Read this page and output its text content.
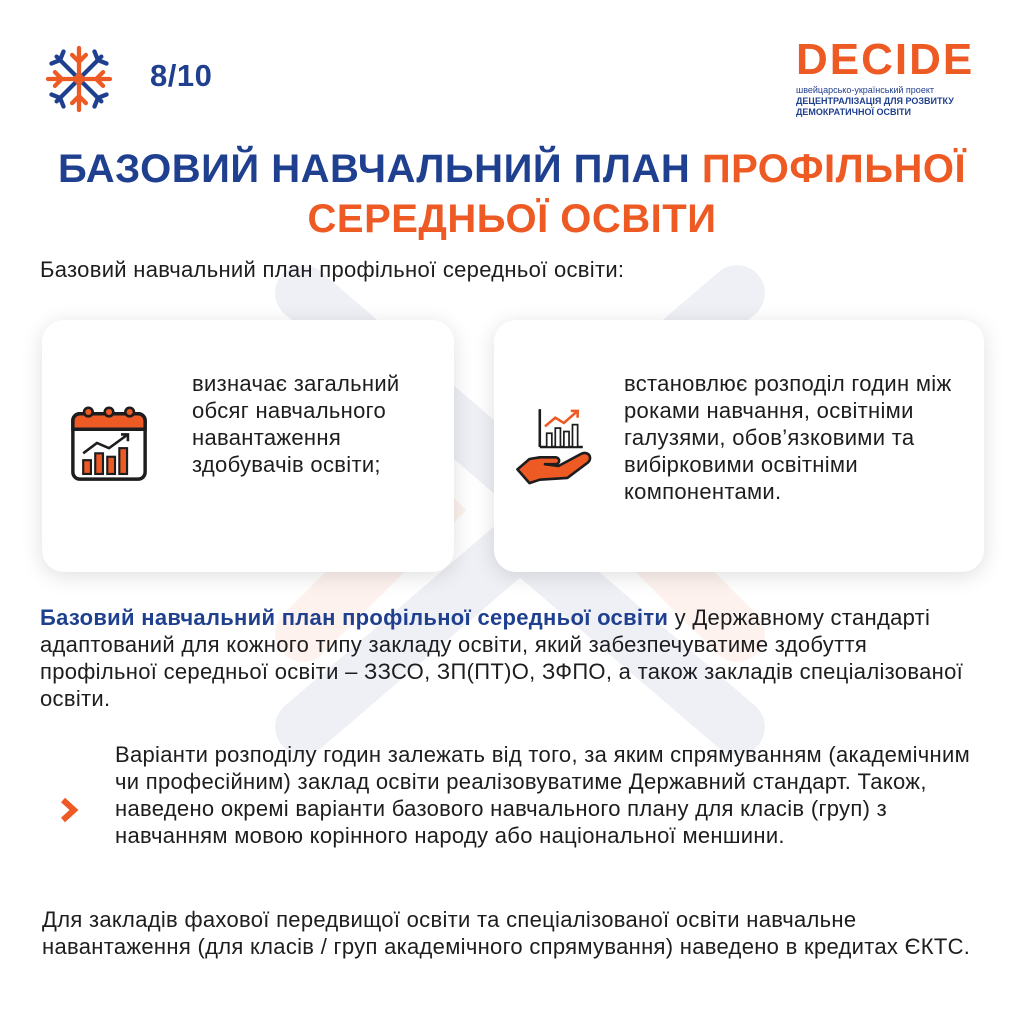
8/10	DECIDE
швейцарсько-український проект
ДЕЦЕНТРАЛІЗАЦІЯ ДЛЯ РОЗВИТКУ
ДЕМОКРАТИЧНОЇ ОСВІТИ
БАЗОВИЙ НАВЧАЛЬНИЙ ПЛАН ПРОФІЛЬНОЇ СЕРЕДНЬОЇ ОСВІТИ
Базовий навчальний план профільної середньої освіти:
визначає загальний обсяг навчального навантаження здобувачів освіти;
встановлює розподіл годин між роками навчання, освітніми галузями, обов’язковими та вибірковими освітніми компонентами.
Базовий навчальний план профільної середньої освіти у Державному стандарті адаптований для кожного типу закладу освіти, який забезпечуватиме здобуття профільної середньої освіти – ЗЗСО, ЗП(ПТ)О, ЗФПО, а також закладів спеціалізованої освіти.
Варіанти розподілу годин залежать від того, за яким спрямуванням (академічним чи професійним) заклад освіти реалізовуватиме Державний стандарт. Також, наведено окремі варіанти базового навчального плану для класів (груп) з навчанням мовою корінного народу або національної меншини.
Для закладів фахової передвищої освіти та спеціалізованої освіти навчальне навантаження (для класів / груп академічного спрямування) наведено в кредитах ЄКТС.
